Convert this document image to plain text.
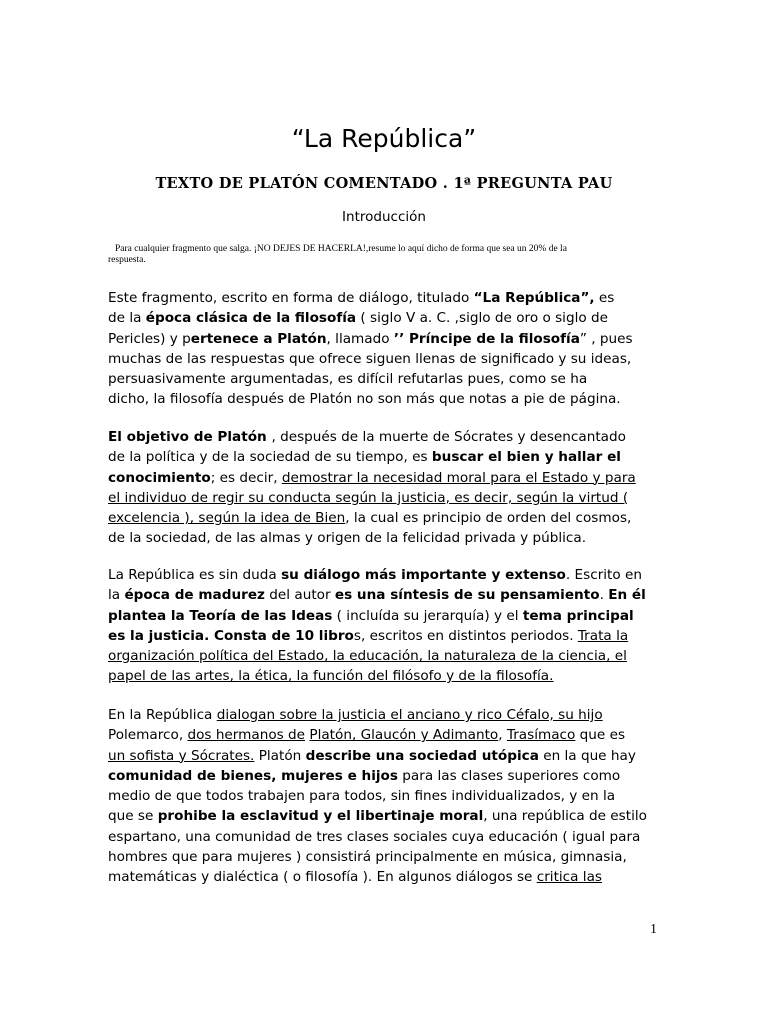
“La República”
TEXTO DE PLATÓN COMENTADO . 1ª PREGUNTA PAU
Introducción
Para cualquier fragmento que salga. ¡NO DEJES DE HACERLA!,resume lo aquí dicho de forma que sea un 20% de la
respuesta.
Este fragmento, escrito en forma de diálogo, titulado “La República”, es
de la época clásica de la filosofía ( siglo V a. C. ,siglo de oro o siglo de
Pericles) y pertenece a Platón, llamado ’’ Príncipe de la filosofía” , pues
muchas de las respuestas que ofrece siguen llenas de significado y su ideas,
persuasivamente argumentadas, es difícil refutarlas pues, como se ha
dicho, la filosofía después de Platón no son más que notas a pie de página.
El objetivo de Platón , después de la muerte de Sócrates y desencantado
de la política y de la sociedad de su tiempo, es buscar el bien y hallar el
conocimiento; es decir, demostrar la necesidad moral para el Estado y para
el individuo de regir su conducta según la justicia, es decir, según la virtud (
excelencia ), según la idea de Bien, la cual es principio de orden del cosmos,
de la sociedad, de las almas y origen de la felicidad privada y pública.
La República es sin duda su diálogo más importante y extenso. Escrito en
la época de madurez del autor es una síntesis de su pensamiento. En él
plantea la Teoría de las Ideas ( incluída su jerarquía) y el tema principal
es la justicia. Consta de 10 libros, escritos en distintos periodos. Trata la
organización política del Estado, la educación, la naturaleza de la ciencia, el
papel de las artes, la ética, la función del filósofo y de la filosofía.
En la República dialogan sobre la justicia el anciano y rico Céfalo, su hijo
Polemarco, dos hermanos de Platón, Glaucón y Adimanto, Trasímaco que es
un sofista y Sócrates. Platón describe una sociedad utópica en la que hay
comunidad de bienes, mujeres e hijos para las clases superiores como
medio de que todos trabajen para todos, sin fines individualizados, y en la
que se prohibe la esclavitud y el libertinaje moral, una república de estilo
espartano, una comunidad de tres clases sociales cuya educación ( igual para
hombres que para mujeres ) consistirá principalmente en música, gimnasia,
matemáticas y dialéctica ( o filosofía ). En algunos diálogos se critica las
1
